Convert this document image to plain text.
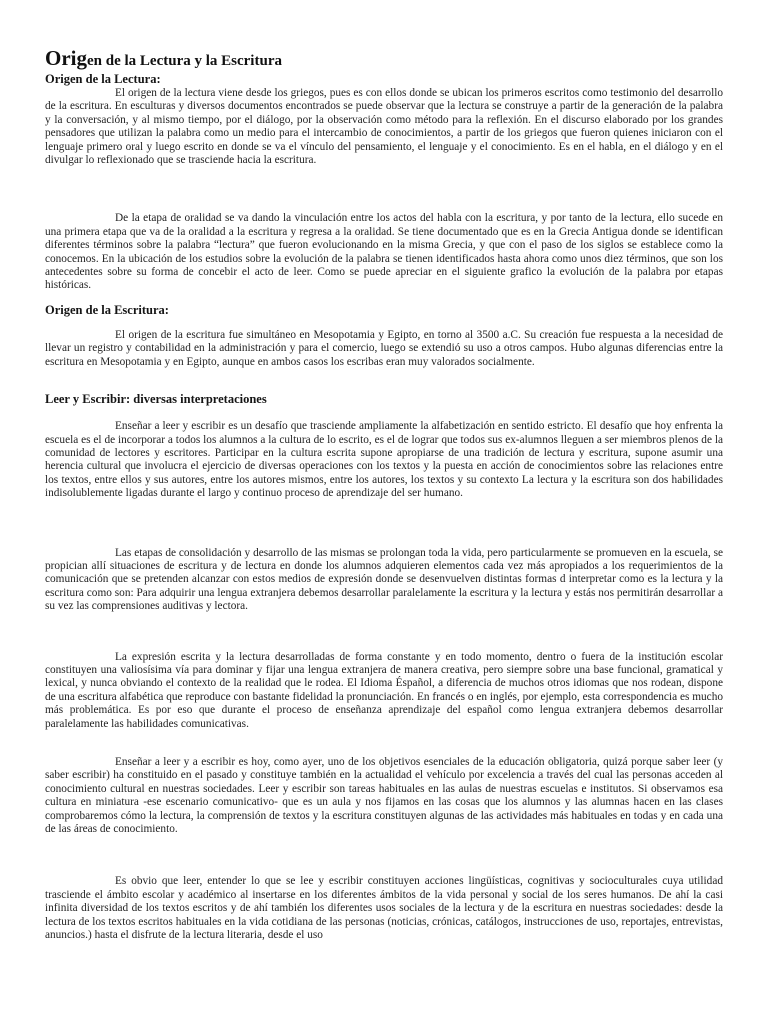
Origen de la Lectura y la Escritura
Origen de la Lectura:

El origen de la lectura viene desde los griegos, pues es con ellos donde se ubican los primeros escritos como testimonio del desarrollo de la escritura. En esculturas y diversos documentos encontrados se puede observar que la lectura se construye a partir de la generación de la palabra y la conversación, y al mismo tiempo, por el diálogo, por la observación como método para la reflexión. En el discurso elaborado por los grandes pensadores que utilizan la palabra como un medio para el intercambio de conocimientos, a partir de los griegos que fueron quienes iniciaron con el lenguaje primero oral y luego escrito en donde se va el vínculo del pensamiento, el lenguaje y el conocimiento. Es en el habla, en el diálogo y en el divulgar lo reflexionado que se trasciende hacia la escritura.

De la etapa de oralidad se va dando la vinculación entre los actos del habla con la escritura, y por tanto de la lectura, ello sucede en una primera etapa que va de la oralidad a la escritura y regresa a la oralidad. Se tiene documentado que es en la Grecia Antigua donde se identifican diferentes términos sobre la palabra “lectura” que fueron evolucionando en la misma Grecia, y que con el paso de los siglos se establece como la conocemos. En la ubicación de los estudios sobre la evolución de la palabra se tienen identificados hasta ahora como unos diez términos, que son los antecedentes sobre su forma de concebir el acto de leer. Como se puede apreciar en el siguiente grafico la evolución de la palabra por etapas históricas.

Origen de la Escritura:

El origen de la escritura fue simultáneo en Mesopotamia y Egipto, en torno al 3500 a.C. Su creación fue respuesta a la necesidad de llevar un registro y contabilidad en la administración y para el comercio, luego se extendió su uso a otros campos. Hubo algunas diferencias entre la escritura en Mesopotamia y en Egipto, aunque en ambos casos los escribas eran muy valorados socialmente.

Leer y Escribir: diversas interpretaciones

Enseñar a leer y escribir es un desafío que trasciende ampliamente la alfabetización en sentido estricto. El desafío que hoy enfrenta la escuela es el de incorporar a todos los alumnos a la cultura de lo escrito, es el de lograr que todos sus ex-alumnos lleguen a ser miembros plenos de la comunidad de lectores y escritores. Participar en la cultura escrita supone apropiarse de una tradición de lectura y escritura, supone asumir una herencia cultural que involucra el ejercicio de diversas operaciones con los textos y la puesta en acción de conocimientos sobre las relaciones entre los textos, entre ellos y sus autores, entre los autores mismos, entre los autores, los textos y su contexto La lectura y la escritura son dos habilidades indisolublemente ligadas durante el largo y continuo proceso de aprendizaje del ser humano.

Las etapas de consolidación y desarrollo de las mismas se prolongan toda la vida, pero particularmente se promueven en la escuela, se propician allí situaciones de escritura y de lectura en donde los alumnos adquieren elementos cada vez más apropiados a los requerimientos de la comunicación que se pretenden alcanzar con estos medios de expresión donde se desenvuelven distintas formas d interpretar como es la lectura y la escritura como son: Para adquirir una lengua extranjera debemos desarrollar paralelamente la escritura y la lectura y estás nos permitirán desarrollar a su vez las comprensiones auditivas y lectora.

La expresión escrita y la lectura desarrolladas de forma constante y en todo momento, dentro o fuera de la institución escolar constituyen una valiosísima vía para dominar y fijar una lengua extranjera de manera creativa, pero siempre sobre una base funcional, gramatical y lexical, y nunca obviando el contexto de la realidad que le rodea. El Idioma Éspañol, a diferencia de muchos otros idiomas que nos rodean, dispone de una escritura alfabética que reproduce con bastante fidelidad la pronunciación. En francés o en inglés, por ejemplo, esta correspondencia es mucho más problemática. Es por eso que durante el proceso de enseñanza aprendizaje del español como lengua extranjera debemos desarrollar paralelamente las habilidades comunicativas.

Enseñar a leer y a escribir es hoy, como ayer, uno de los objetivos esenciales de la educación obligatoria, quizá porque saber leer (y saber escribir) ha constituido en el pasado y constituye también en la actualidad el vehículo por excelencia a través del cual las personas acceden al conocimiento cultural en nuestras sociedades. Leer y escribir son tareas habituales en las aulas de nuestras escuelas e institutos. Si observamos esa cultura en miniatura -ese escenario comunicativo- que es un aula y nos fijamos en las cosas que los alumnos y las alumnas hacen en las clases comprobaremos cómo la lectura, la comprensión de textos y la escritura constituyen algunas de las actividades más habituales en todas y en cada una de las áreas de conocimiento.

Es obvio que leer, entender lo que se lee y escribir constituyen acciones lingüísticas, cognitivas y socioculturales cuya utilidad trasciende el ámbito escolar y académico al insertarse en los diferentes ámbitos de la vida personal y social de los seres humanos. De ahí la casi infinita diversidad de los textos escritos y de ahí también los diferentes usos sociales de la lectura y de la escritura en nuestras sociedades: desde la lectura de los textos escritos habituales en la vida cotidiana de las personas (noticias, crónicas, catálogos, instrucciones de uso, reportajes, entrevistas, anuncios.) hasta el disfrute de la lectura literaria, desde el uso
